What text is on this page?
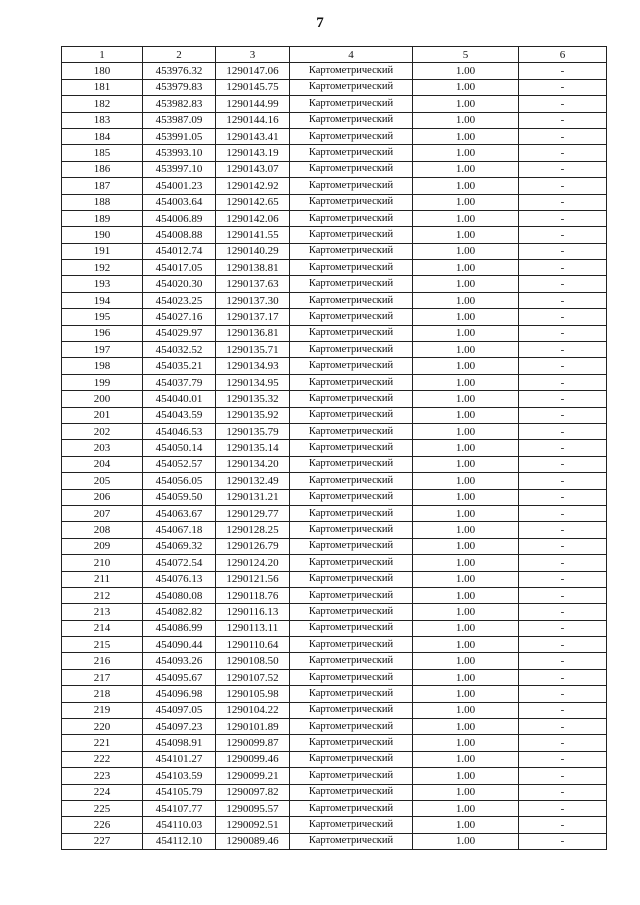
7
1	2	3	4	5	6
180	453976.32	1290147.06	Картометрический	1.00	-
181	453979.83	1290145.75	Картометрический	1.00	-
182	453982.83	1290144.99	Картометрический	1.00	-
183	453987.09	1290144.16	Картометрический	1.00	-
184	453991.05	1290143.41	Картометрический	1.00	-
185	453993.10	1290143.19	Картометрический	1.00	-
186	453997.10	1290143.07	Картометрический	1.00	-
187	454001.23	1290142.92	Картометрический	1.00	-
188	454003.64	1290142.65	Картометрический	1.00	-
189	454006.89	1290142.06	Картометрический	1.00	-
190	454008.88	1290141.55	Картометрический	1.00	-
191	454012.74	1290140.29	Картометрический	1.00	-
192	454017.05	1290138.81	Картометрический	1.00	-
193	454020.30	1290137.63	Картометрический	1.00	-
194	454023.25	1290137.30	Картометрический	1.00	-
195	454027.16	1290137.17	Картометрический	1.00	-
196	454029.97	1290136.81	Картометрический	1.00	-
197	454032.52	1290135.71	Картометрический	1.00	-
198	454035.21	1290134.93	Картометрический	1.00	-
199	454037.79	1290134.95	Картометрический	1.00	-
200	454040.01	1290135.32	Картометрический	1.00	-
201	454043.59	1290135.92	Картометрический	1.00	-
202	454046.53	1290135.79	Картометрический	1.00	-
203	454050.14	1290135.14	Картометрический	1.00	-
204	454052.57	1290134.20	Картометрический	1.00	-
205	454056.05	1290132.49	Картометрический	1.00	-
206	454059.50	1290131.21	Картометрический	1.00	-
207	454063.67	1290129.77	Картометрический	1.00	-
208	454067.18	1290128.25	Картометрический	1.00	-
209	454069.32	1290126.79	Картометрический	1.00	-
210	454072.54	1290124.20	Картометрический	1.00	-
211	454076.13	1290121.56	Картометрический	1.00	-
212	454080.08	1290118.76	Картометрический	1.00	-
213	454082.82	1290116.13	Картометрический	1.00	-
214	454086.99	1290113.11	Картометрический	1.00	-
215	454090.44	1290110.64	Картометрический	1.00	-
216	454093.26	1290108.50	Картометрический	1.00	-
217	454095.67	1290107.52	Картометрический	1.00	-
218	454096.98	1290105.98	Картометрический	1.00	-
219	454097.05	1290104.22	Картометрический	1.00	-
220	454097.23	1290101.89	Картометрический	1.00	-
221	454098.91	1290099.87	Картометрический	1.00	-
222	454101.27	1290099.46	Картометрический	1.00	-
223	454103.59	1290099.21	Картометрический	1.00	-
224	454105.79	1290097.82	Картометрический	1.00	-
225	454107.77	1290095.57	Картометрический	1.00	-
226	454110.03	1290092.51	Картометрический	1.00	-
227	454112.10	1290089.46	Картометрический	1.00	-
